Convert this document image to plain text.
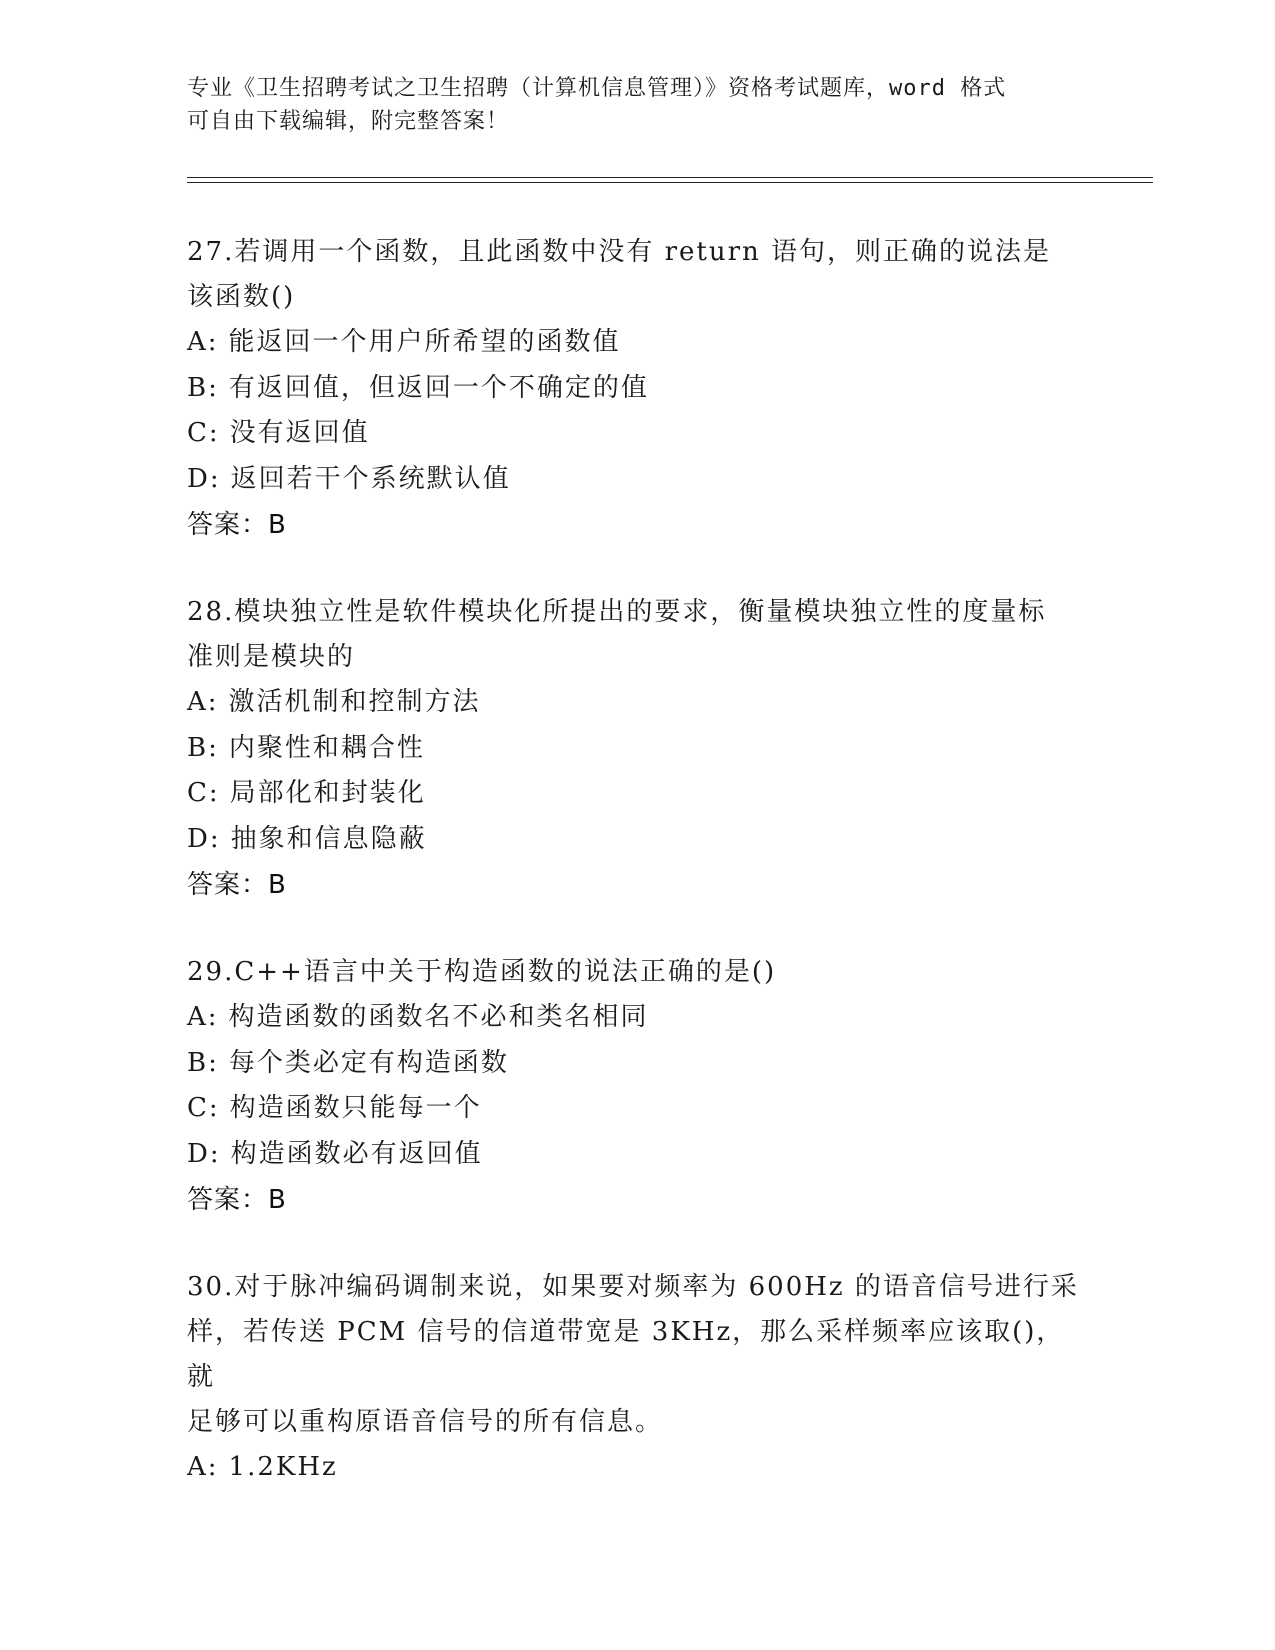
专业《卫生招聘考试之卫生招聘（计算机信息管理）》资格考试题库，word 格式
可自由下载编辑，附完整答案！
27.若调用一个函数，且此函数中没有 return 语句，则正确的说法是
该函数()
A: 能返回一个用户所希望的函数值
B: 有返回值，但返回一个不确定的值
C: 没有返回值
D: 返回若干个系统默认值
答案：B
28.模块独立性是软件模块化所提出的要求，衡量模块独立性的度量标
准则是模块的
A: 激活机制和控制方法
B: 内聚性和耦合性
C: 局部化和封装化
D: 抽象和信息隐蔽
答案：B
29.C++语言中关于构造函数的说法正确的是()
A: 构造函数的函数名不必和类名相同
B: 每个类必定有构造函数
C: 构造函数只能每一个
D: 构造函数必有返回值
答案：B
30.对于脉冲编码调制来说，如果要对频率为 600Hz 的语音信号进行采
样，若传送 PCM 信号的信道带宽是 3KHz，那么采样频率应该取()，就
足够可以重构原语音信号的所有信息。
A: 1.2KHz
